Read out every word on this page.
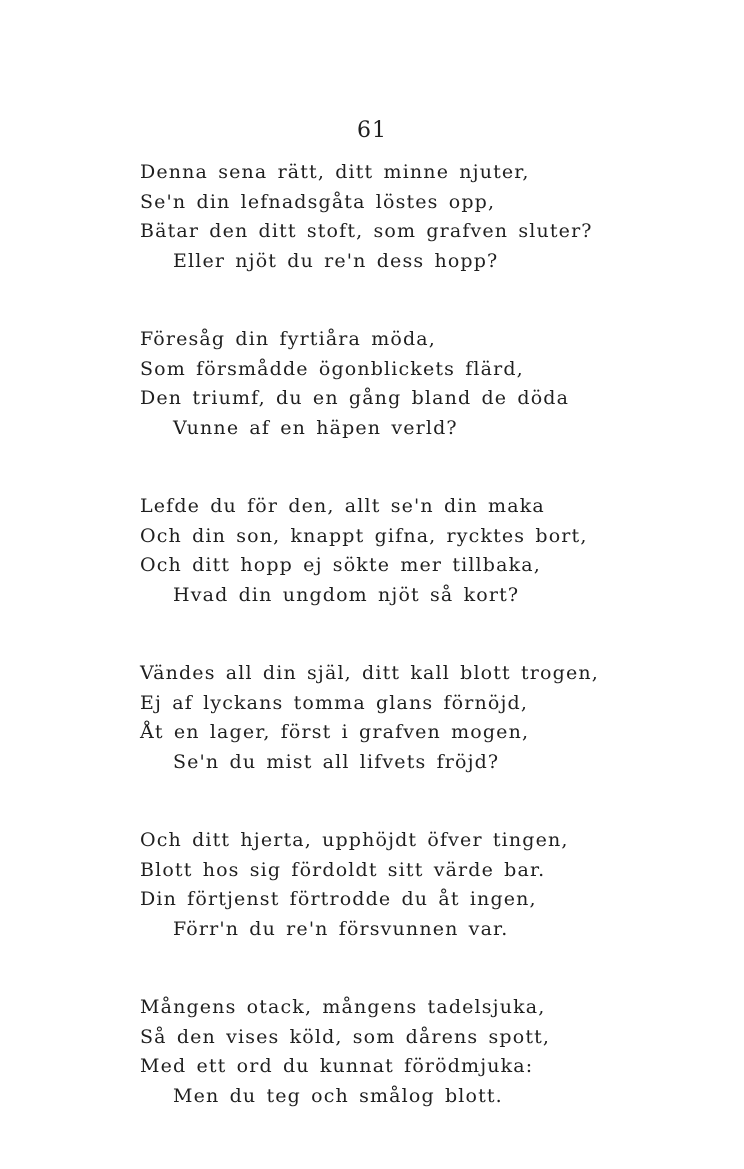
61
Denna sena rätt, ditt minne njuter,
Se'n din lefnadsgåta löstes opp,
Bätar den ditt stoft, som grafven sluter?
Eller njöt du re'n dess hopp?
Föresåg din fyrtiåra möda,
Som försmådde ögonblickets flärd,
Den triumf, du en gång bland de döda
Vunne af en häpen verld?
Lefde du för den, allt se'n din maka
Och din son, knappt gifna, rycktes bort,
Och ditt hopp ej sökte mer tillbaka,
Hvad din ungdom njöt så kort?
Vändes all din själ, ditt kall blott trogen,
Ej af lyckans tomma glans förnöjd,
Åt en lager, först i grafven mogen,
Se'n du mist all lifvets fröjd?
Och ditt hjerta, upphöjdt öfver tingen,
Blott hos sig fördoldt sitt värde bar.
Din förtjenst förtrodde du åt ingen,
Förr'n du re'n försvunnen var.
Mångens otack, mångens tadelsjuka,
Så den vises köld, som dårens spott,
Med ett ord du kunnat förödmjuka:
Men du teg och smålog blott.
